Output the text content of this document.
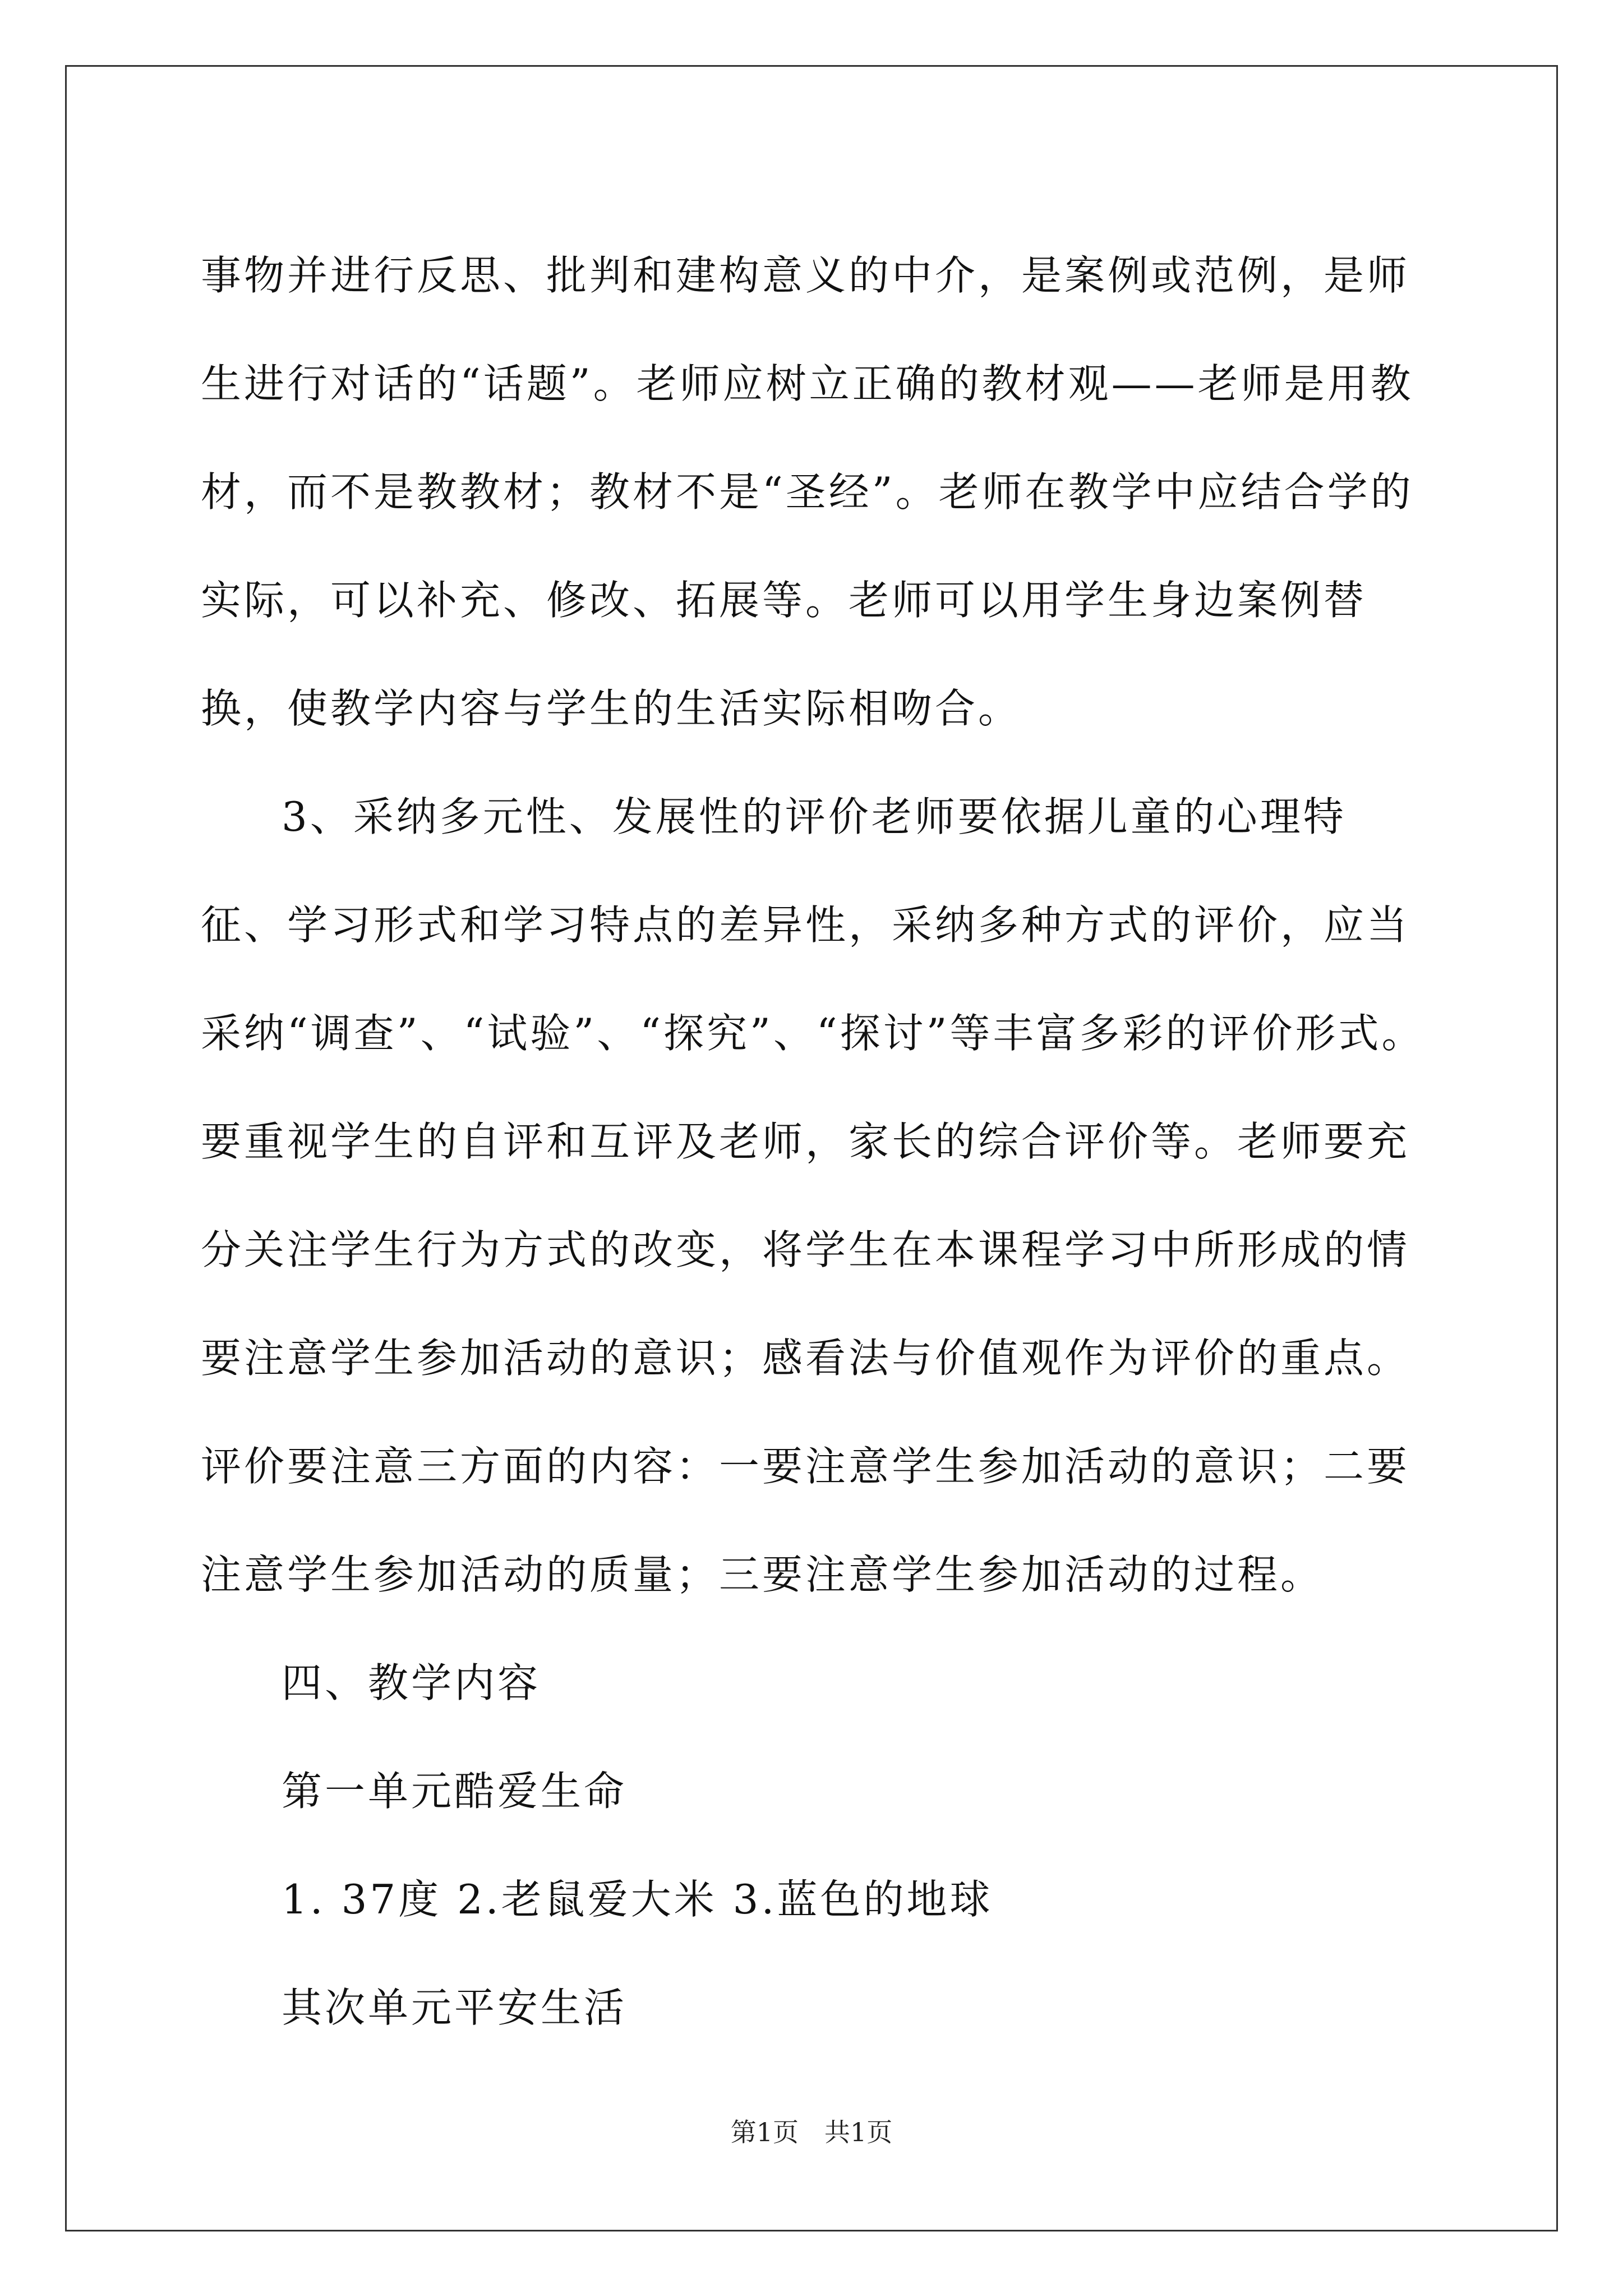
事物并进行反思、批判和建构意义的中介，是案例或范例，是师生进行对话的“话题”。老师应树立正确的教材观——老师是用教材，而不是教教材；教材不是“圣经”。老师在教学中应结合学的实际，可以补充、修改、拓展等。老师可以用学生身边案例替换，使教学内容与学生的生活实际相吻合。

3、采纳多元性、发展性的评价老师要依据儿童的心理特征、学习形式和学习特点的差异性，采纳多种方式的评价，应当采纳“调查”、“试验”、“探究”、“探讨”等丰富多彩的评价形式。要重视学生的自评和互评及老师，家长的综合评价等。老师要充分关注学生行为方式的改变，将学生在本课程学习中所形成的情要注意学生参加活动的意识；感看法与价值观作为评价的重点。评价要注意三方面的内容：一要注意学生参加活动的意识；二要注意学生参加活动的质量；三要注意学生参加活动的过程。

四、教学内容

第一单元酷爱生命

1. 37度 2.老鼠爱大米 3.蓝色的地球

其次单元平安生活

第1页　共1页
